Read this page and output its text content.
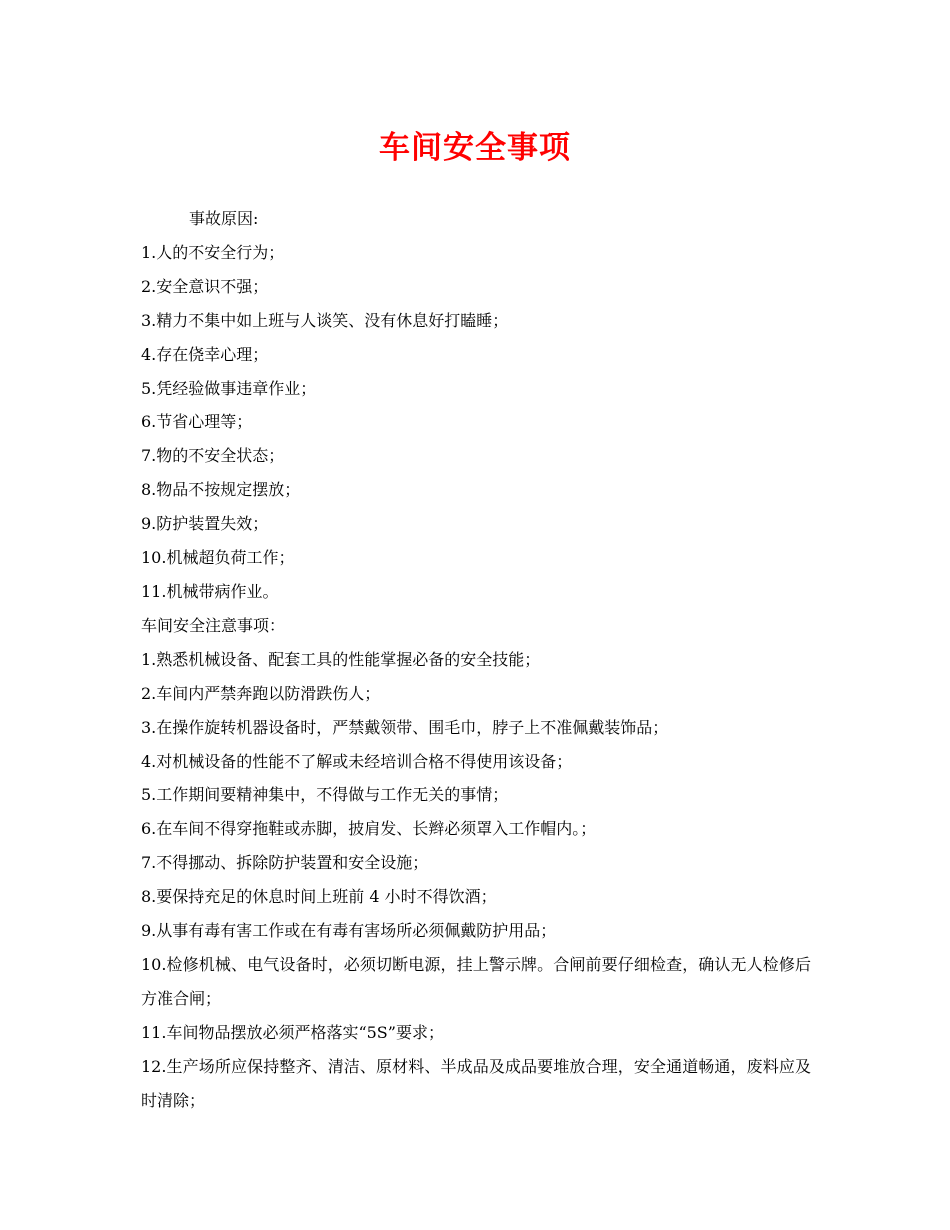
车间安全事项

事故原因:

1.人的不安全行为；

2.安全意识不强；

3.精力不集中如上班与人谈笑、没有休息好打瞌睡；

4.存在侥幸心理；

5.凭经验做事违章作业；

6.节省心理等；

7.物的不安全状态；

8.物品不按规定摆放；

9.防护装置失效；

10.机械超负荷工作；

11.机械带病作业。

车间安全注意事项：

1.熟悉机械设备、配套工具的性能掌握必备的安全技能；

2.车间内严禁奔跑以防滑跌伤人；

3.在操作旋转机器设备时，严禁戴领带、围毛巾，脖子上不准佩戴装饰品；

4.对机械设备的性能不了解或未经培训合格不得使用该设备；

5.工作期间要精神集中，不得做与工作无关的事情；

6.在车间不得穿拖鞋或赤脚，披肩发、长辫必须罩入工作帽内。；

7.不得挪动、拆除防护装置和安全设施；

8.要保持充足的休息时间上班前 4 小时不得饮酒；

9.从事有毒有害工作或在有毒有害场所必须佩戴防护用品；

10.检修机械、电气设备时，必须切断电源，挂上警示牌。合闸前要仔细检查，确认无人检修后方准合闸；

11.车间物品摆放必须严格落实“5S”要求；

12.生产场所应保持整齐、清洁、原材料、半成品及成品要堆放合理，安全通道畅通，废料应及时清除；
